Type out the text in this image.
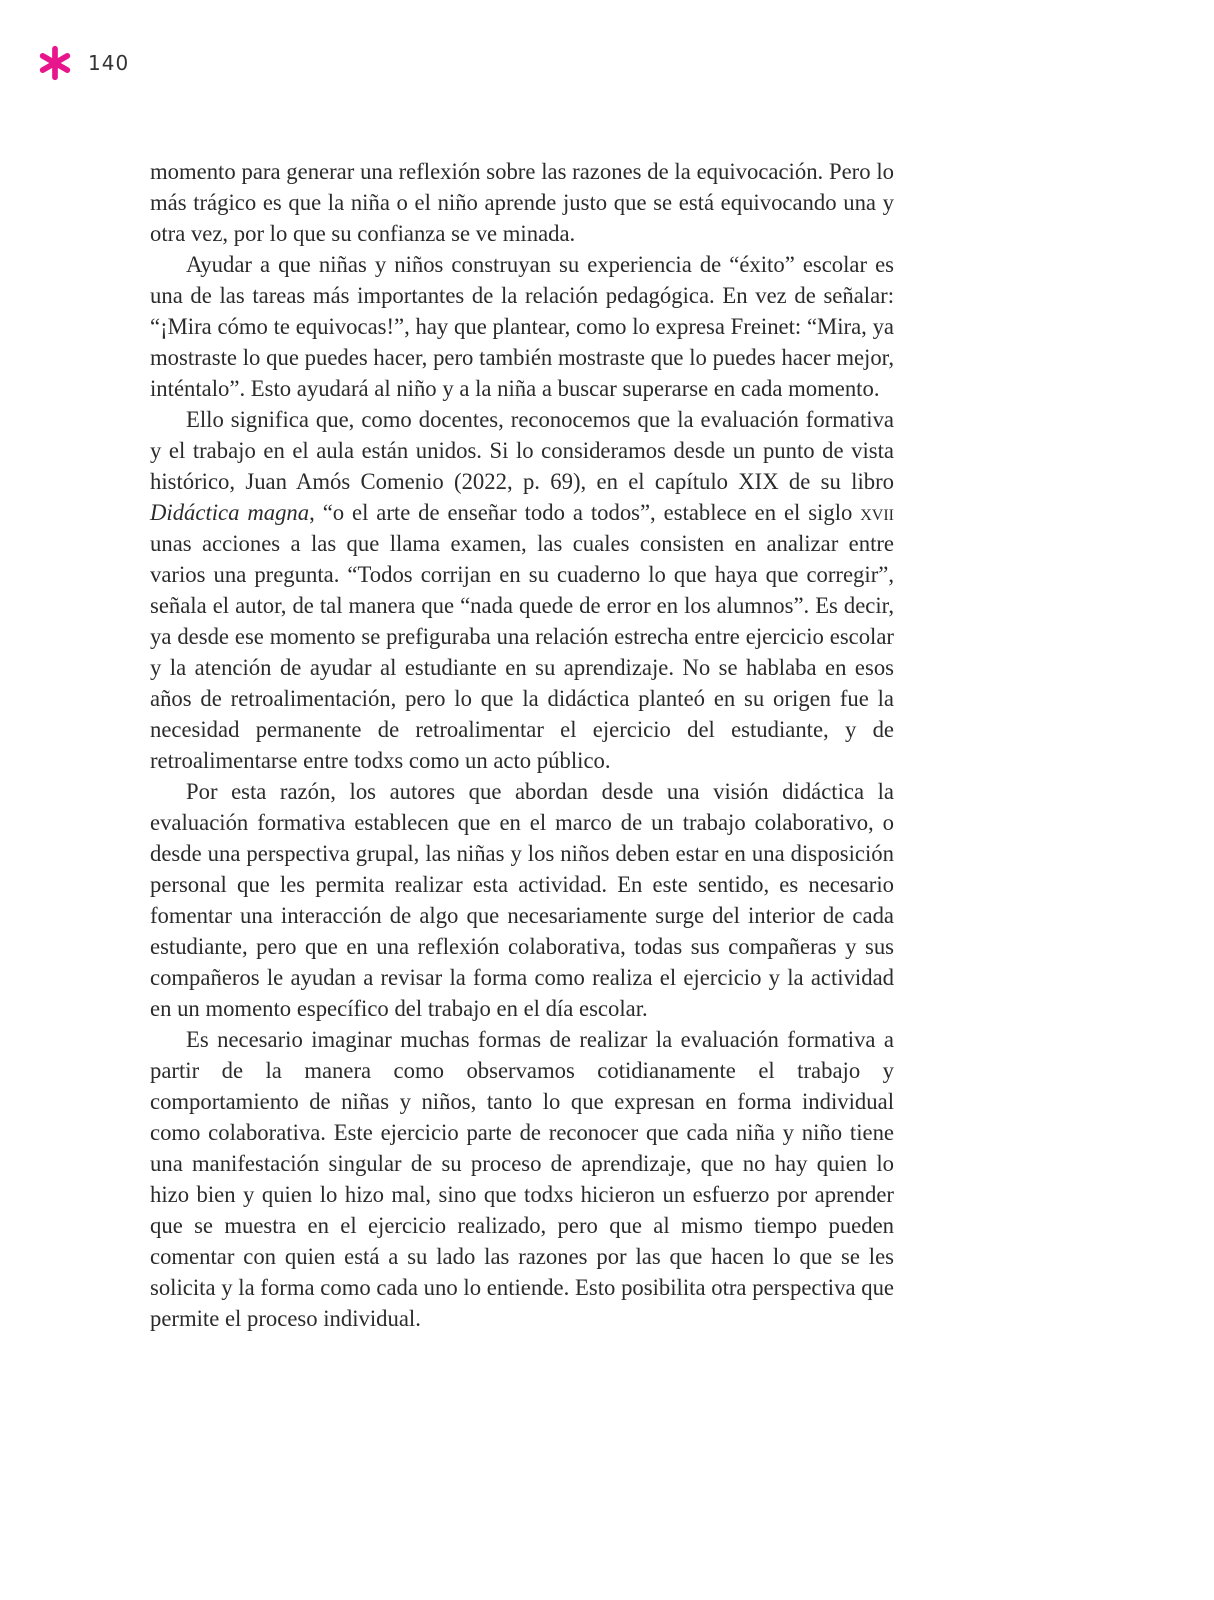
140

momento para generar una reflexión sobre las razones de la equivocación. Pero lo más trágico es que la niña o el niño aprende justo que se está equivocando una y otra vez, por lo que su confianza se ve minada.

Ayudar a que niñas y niños construyan su experiencia de “éxito” escolar es una de las tareas más importantes de la relación pedagógica. En vez de señalar: “¡Mira cómo te equivocas!”, hay que plantear, como lo expresa Freinet: “Mira, ya mostraste lo que puedes hacer, pero también mostraste que lo puedes hacer mejor, inténtalo”. Esto ayudará al niño y a la niña a buscar superarse en cada momento.

Ello significa que, como docentes, reconocemos que la evaluación formativa y el trabajo en el aula están unidos. Si lo consideramos desde un punto de vista histórico, Juan Amós Comenio (2022, p. 69), en el capítulo XIX de su libro Didáctica magna, “o el arte de enseñar todo a todos”, establece en el siglo xvii unas acciones a las que llama examen, las cuales consisten en analizar entre varios una pregunta. “Todos corrijan en su cuaderno lo que haya que corregir”, señala el autor, de tal manera que “nada quede de error en los alumnos”. Es decir, ya desde ese momento se prefiguraba una relación estrecha entre ejercicio escolar y la atención de ayudar al estudiante en su aprendizaje. No se hablaba en esos años de retroalimentación, pero lo que la didáctica planteó en su origen fue la necesidad permanente de retroalimentar el ejercicio del estudiante, y de retroalimentarse entre todxs como un acto público.

Por esta razón, los autores que abordan desde una visión didáctica la evaluación formativa establecen que en el marco de un trabajo colaborativo, o desde una perspectiva grupal, las niñas y los niños deben estar en una disposición personal que les permita realizar esta actividad. En este sentido, es necesario fomentar una interacción de algo que necesariamente surge del interior de cada estudiante, pero que en una reflexión colaborativa, todas sus compañeras y sus compañeros le ayudan a revisar la forma como realiza el ejercicio y la actividad en un momento específico del trabajo en el día escolar.

Es necesario imaginar muchas formas de realizar la evaluación formativa a partir de la manera como observamos cotidianamente el trabajo y comportamiento de niñas y niños, tanto lo que expresan en forma individual como colaborativa. Este ejercicio parte de reconocer que cada niña y niño tiene una manifestación singular de su proceso de aprendizaje, que no hay quien lo hizo bien y quien lo hizo mal, sino que todxs hicieron un esfuerzo por aprender que se muestra en el ejercicio realizado, pero que al mismo tiempo pueden comentar con quien está a su lado las razones por las que hacen lo que se les solicita y la forma como cada uno lo entiende. Esto posibilita otra perspectiva que permite el proceso individual.
